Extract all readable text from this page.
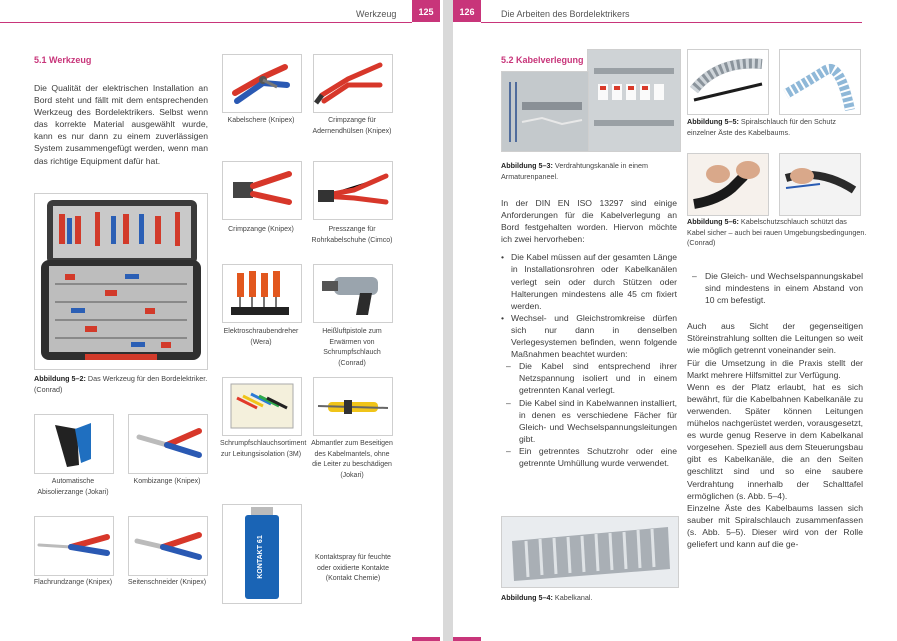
Werkzeug	125
5.1 Werkzeug
Die Qualität der elektrischen Installation an Bord steht und fällt mit dem entsprechenden Werkzeug des Bordelektrikers. Selbst wenn das korrekte Material ausgewählt wurde, kann es nur dann zu einem zuverlässigen System zusammengefügt werden, wenn man das richtige Equipment dafür hat.
Abbildung 5–2: Das Werkzeug für den Bordelektriker. (Conrad)
Kabelschere (Knipex)	Crimpzange für Adernendhülsen (Knipex)
Crimpzange (Knipex)	Presszange für Rohrkabelschuhe (Cimco)
Elektroschraubendreher (Wera)
Heißluftpistole zum Erwärmen von Schrumpfschlauch (Conrad)
Schrumpfschlauchsortiment zur Leitungsisolation (3M)
Abmantler zum Beseitigen des Kabelmantels, ohne die Leiter zu beschädigen (Jokari)
Automatische Abisolierzange (Jokari)
Kombizange (Knipex)
Flachrundzange (Knipex)	Seitenschneider (Knipex)
KONTAKT 61	Kontaktspray für feuchte oder oxidierte Kontakte (Kontakt Chemie)
126	Die Arbeiten des Bordelektrikers
5.2 Kabelverlegung
Abbildung 5–3: Verdrahtungskanäle in einem Armaturenpaneel.

In der DIN EN ISO 13297 sind einige Anforderungen für die Kabelverlegung an Bord festgehalten worden. Hiervon möchte ich zwei hervorheben:

• Die Kabel müssen auf der gesamten Länge in Installationsrohren oder Kabelkanälen verlegt sein oder durch Stützen oder Halterungen mindestens alle 45 cm fixiert werden.
• Wechsel- und Gleichstromkreise dürfen sich nur dann in denselben Verlegesystemen befinden, wenn folgende Maßnahmen beachtet wurden:
– Die Kabel sind entsprechend ihrer Netzspannung isoliert und in einem getrennten Kanal verlegt.
– Die Kabel sind in Kabelwannen installiert, in denen es verschiedene Fächer für Gleich- und Wechselspannungsleitungen gibt.
– Ein getrenntes Schutzrohr oder eine getrennte Umhüllung wurde verwendet.
Abbildung 5–4: Kabelkanal.
Abbildung 5–5: Spiralschlauch für den Schutz einzelner Äste des Kabelbaums.
Abbildung 5–6: Kabelschutzschlauch schützt das Kabel sicher – auch bei rauen Umgebungsbedingungen. (Conrad)
– Die Gleich- und Wechselspannungskabel sind mindestens in einem Abstand von 10 cm befestigt.

Auch aus Sicht der gegenseitigen Störeinstrahlung sollten die Leitungen so weit wie möglich getrennt voneinander sein.

Für die Umsetzung in die Praxis stellt der Markt mehrere Hilfsmittel zur Verfügung.

Wenn es der Platz erlaubt, hat es sich bewährt, für die Kabelbahnen Kabelkanäle zu verwenden. Später können Leitungen mühelos nachgerüstet werden, vorausgesetzt, es wurde genug Reserve in dem Kabelkanal vorgesehen. Speziell aus dem Steuerungsbau gibt es Kabelkanäle, die an den Seiten geschlitzt sind und so eine saubere Verdrahtung innerhalb der Schalttafel ermöglichen (s. Abb. 5–4).

Einzelne Äste des Kabelbaums lassen sich sauber mit Spiralschlauch zusammenfassen (s. Abb. 5–5). Dieser wird von der Rolle geliefert und kann auf die ge-
